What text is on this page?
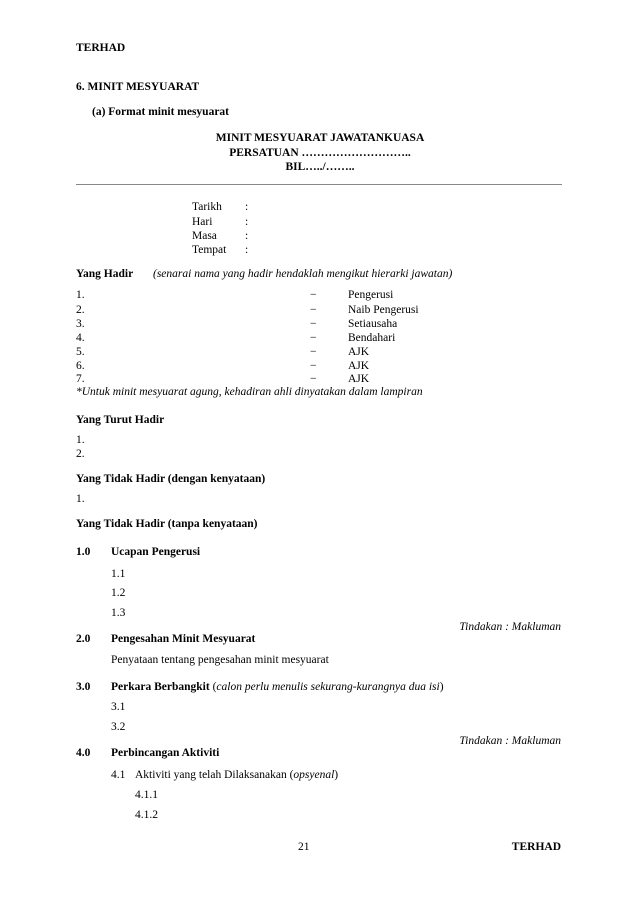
TERHAD
6. MINIT MESYUARAT
(a) Format minit mesyuarat
MINIT MESYUARAT JAWATANKUASA
PERSATUAN ………………………..
BIL…../……..
Tarikh :
Hari	:
Masa :
Tempat :
Yang Hadir (senarai nama yang hadir hendaklah mengikut hierarki jawatan)
1.	−	Pengerusi
2.	−	Naib Pengerusi
3.	−	Setiausaha
4.	−	Bendahari
5.	−	AJK
6.	−	AJK
7.	−	AJK
*Untuk minit mesyuarat agung, kehadiran ahli dinyatakan dalam lampiran
Yang Turut Hadir
1.
2.
Yang Tidak Hadir (dengan kenyataan)
1.
Yang Tidak Hadir (tanpa kenyataan)
1.0 Ucapan Pengerusi
1.1
1.2
1.3
Tindakan : Makluman
2.0 Pengesahan Minit Mesyuarat
Penyataan tentang pengesahan minit mesyuarat
3.0 Perkara Berbangkit (calon perlu menulis sekurang-kurangnya dua isi)
3.1
3.2
Tindakan : Makluman
4.0 Perbincangan Aktiviti
4.1 Aktiviti yang telah Dilaksanakan (opsyenal)
4.1.1
4.1.2
21	TERHAD
